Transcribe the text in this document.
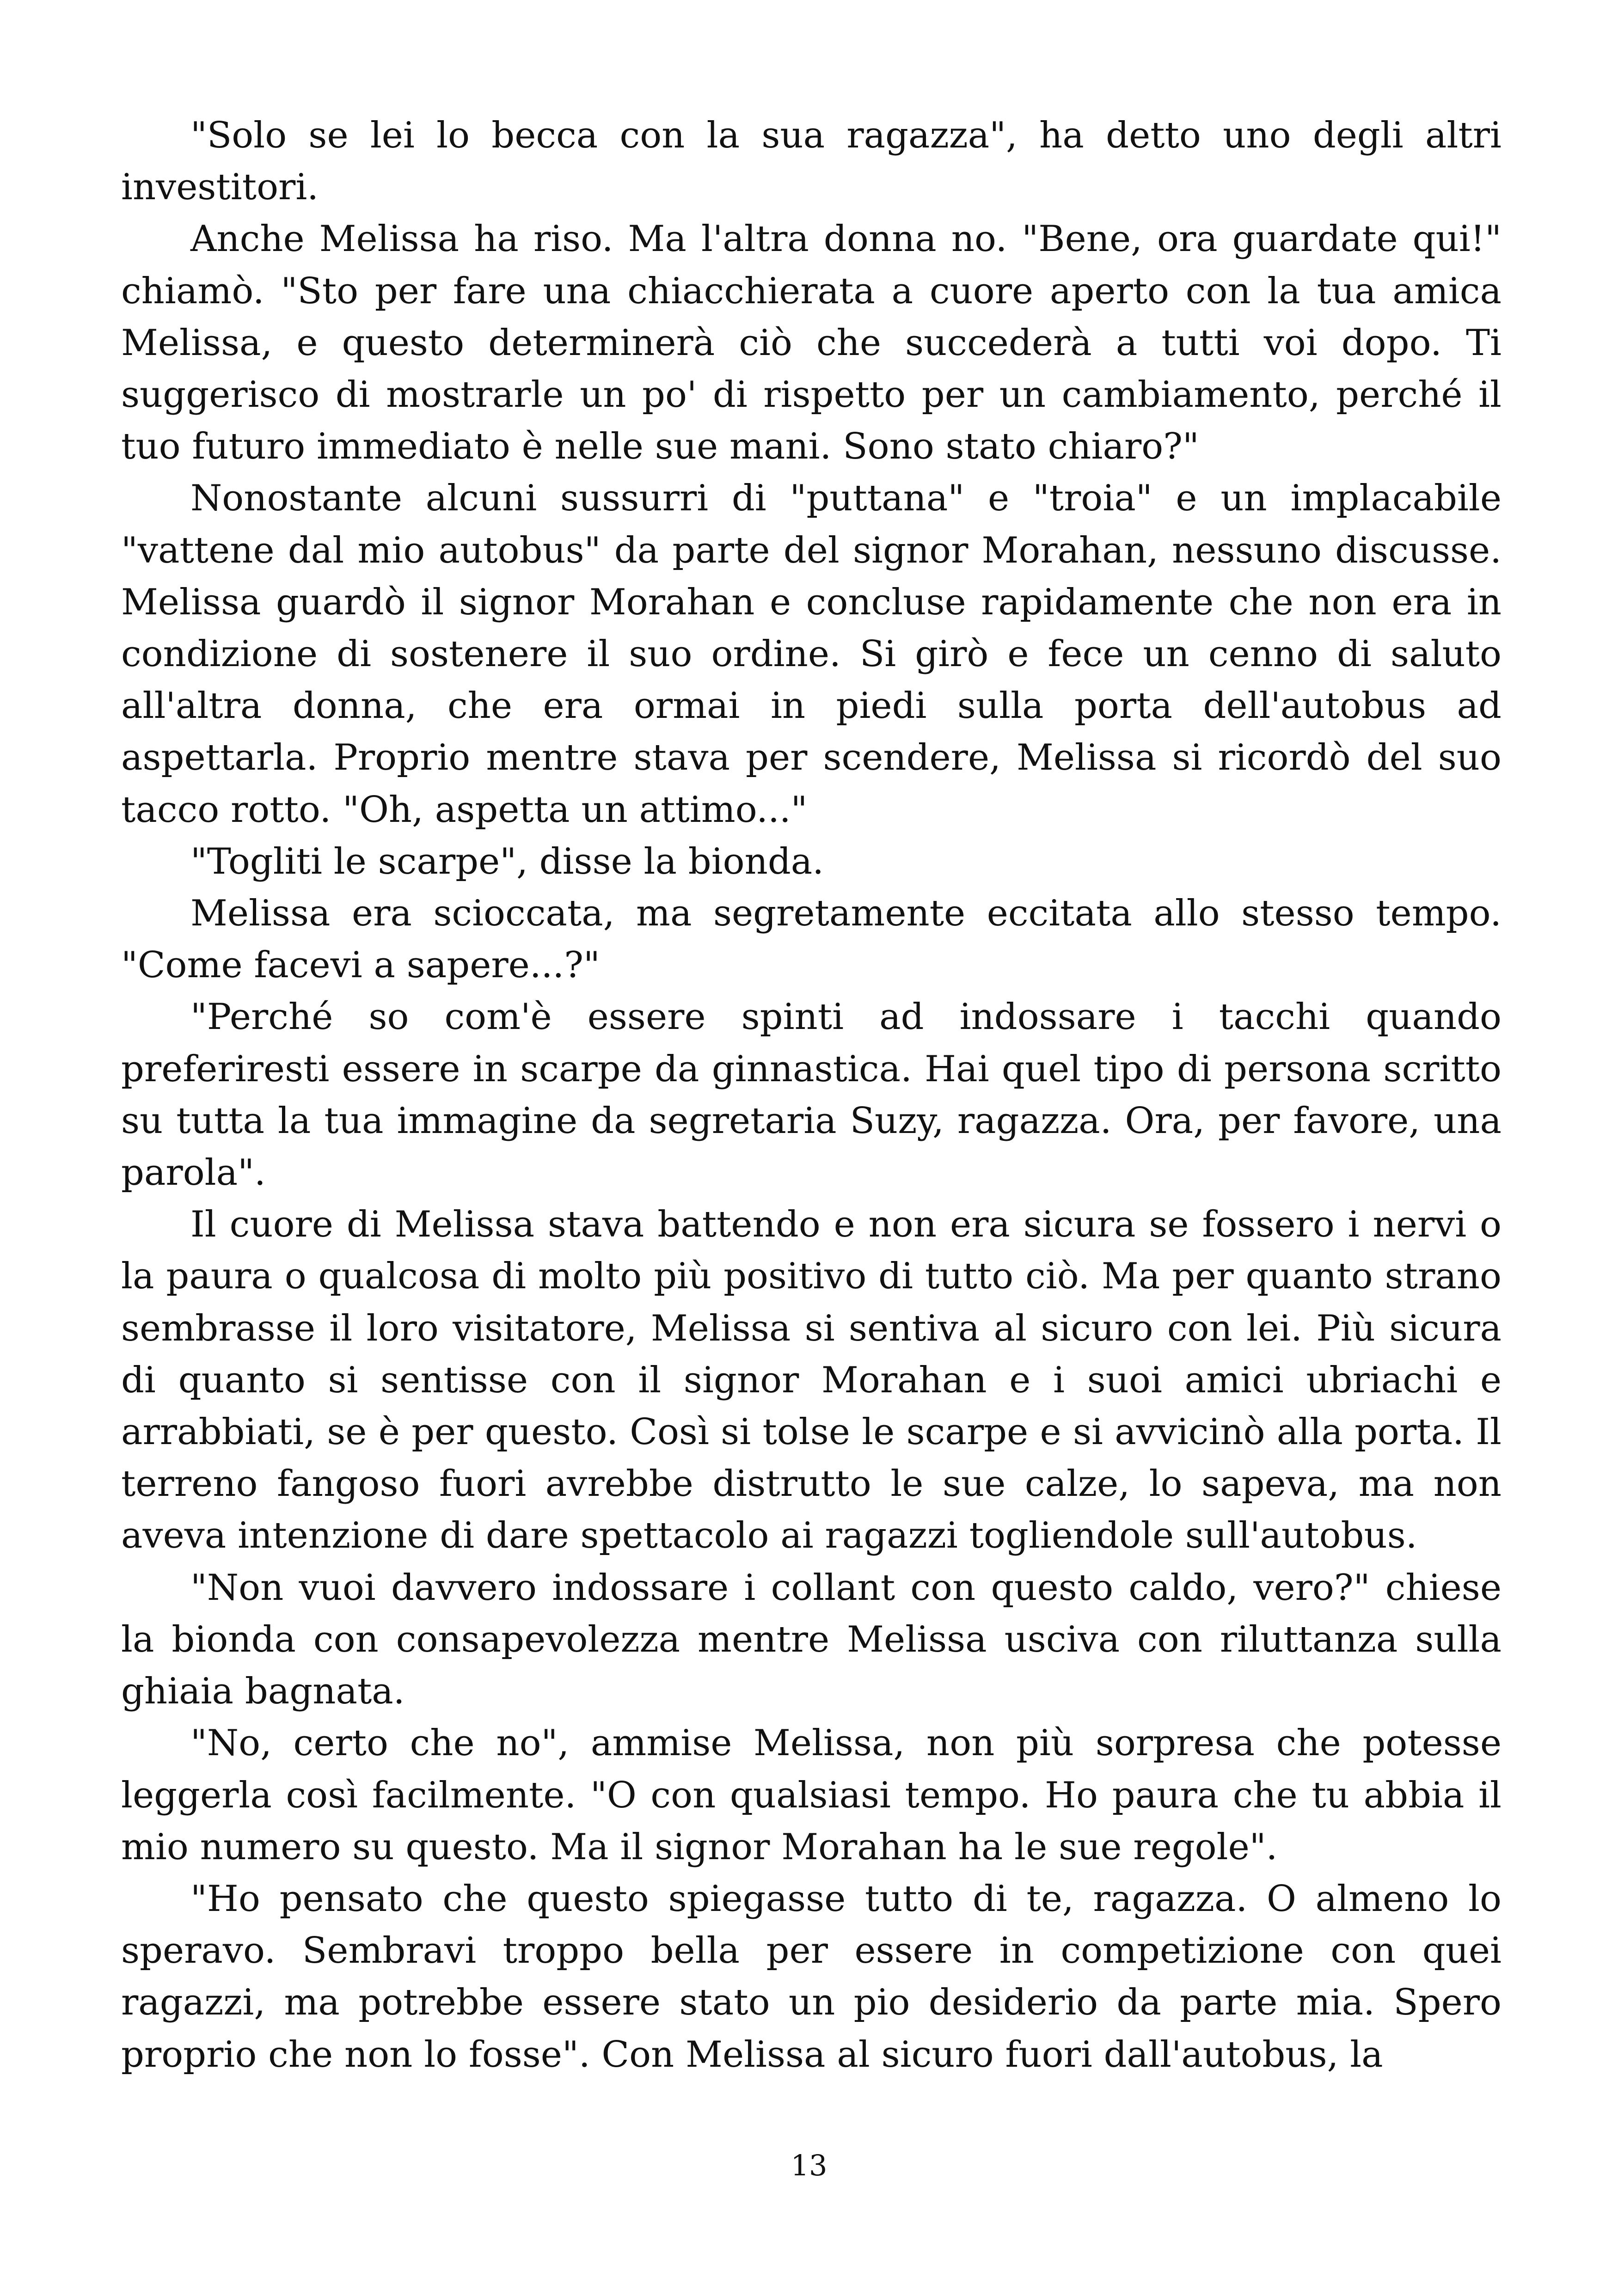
"Solo se lei lo becca con la sua ragazza", ha detto uno degli altri investitori.

Anche Melissa ha riso. Ma l'altra donna no. "Bene, ora guardate qui!" chiamò. "Sto per fare una chiacchierata a cuore aperto con la tua amica Melissa, e questo determinerà ciò che succederà a tutti voi dopo. Ti suggerisco di mostrarle un po' di rispetto per un cambiamento, perché il tuo futuro immediato è nelle sue mani. Sono stato chiaro?"

Nonostante alcuni sussurri di "puttana" e "troia" e un implacabile "vattene dal mio autobus" da parte del signor Morahan, nessuno discusse. Melissa guardò il signor Morahan e concluse rapidamente che non era in condizione di sostenere il suo ordine. Si girò e fece un cenno di saluto all'altra donna, che era ormai in piedi sulla porta dell'autobus ad aspettarla. Proprio mentre stava per scendere, Melissa si ricordò del suo tacco rotto. "Oh, aspetta un attimo..."

"Togliti le scarpe", disse la bionda.

Melissa era scioccata, ma segretamente eccitata allo stesso tempo. "Come facevi a sapere...?"

"Perché so com'è essere spinti ad indossare i tacchi quando preferiresti essere in scarpe da ginnastica. Hai quel tipo di persona scritto su tutta la tua immagine da segretaria Suzy, ragazza. Ora, per favore, una parola".

Il cuore di Melissa stava battendo e non era sicura se fossero i nervi o la paura o qualcosa di molto più positivo di tutto ciò. Ma per quanto strano sembrasse il loro visitatore, Melissa si sentiva al sicuro con lei. Più sicura di quanto si sentisse con il signor Morahan e i suoi amici ubriachi e arrabbiati, se è per questo. Così si tolse le scarpe e si avvicinò alla porta. Il terreno fangoso fuori avrebbe distrutto le sue calze, lo sapeva, ma non aveva intenzione di dare spettacolo ai ragazzi togliendole sull'autobus.

"Non vuoi davvero indossare i collant con questo caldo, vero?" chiese la bionda con consapevolezza mentre Melissa usciva con riluttanza sulla ghiaia bagnata.

"No, certo che no", ammise Melissa, non più sorpresa che potesse leggerla così facilmente. "O con qualsiasi tempo. Ho paura che tu abbia il mio numero su questo. Ma il signor Morahan ha le sue regole".

"Ho pensato che questo spiegasse tutto di te, ragazza. O almeno lo speravo. Sembravi troppo bella per essere in competizione con quei ragazzi, ma potrebbe essere stato un pio desiderio da parte mia. Spero proprio che non lo fosse". Con Melissa al sicuro fuori dall'autobus, la

13
